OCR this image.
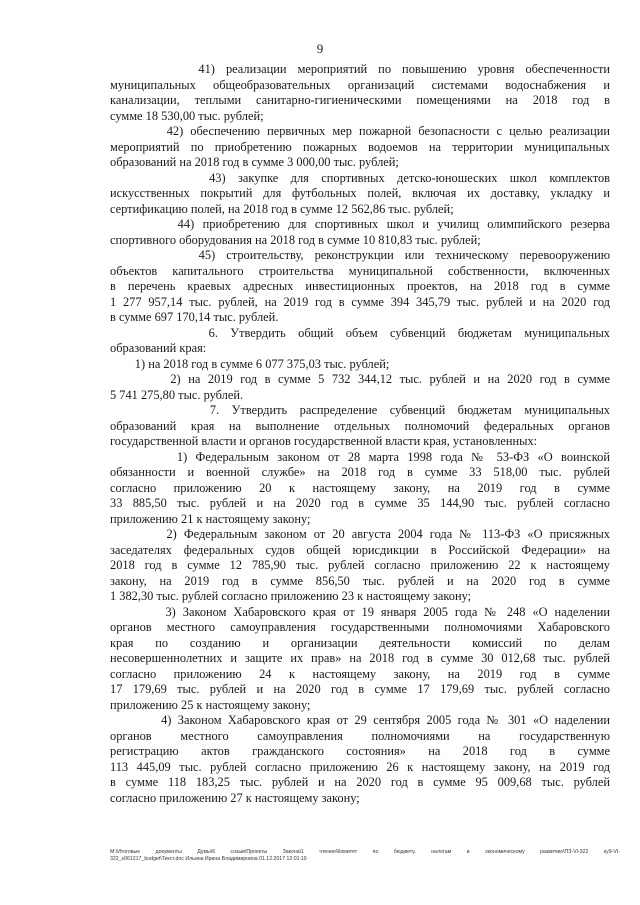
9

41) реализации мероприятий по повышению уровня обеспеченности
муниципальных общеобразовательных организаций системами водоснабжения и
канализации, теплыми санитарно-гигиеническими помещениями на 2018 год в
сумме 18 530,00 тыс. рублей;

42) обеспечению первичных мер пожарной безопасности с целью реализации
мероприятий по приобретению пожарных водоемов на территории муниципальных
образований на 2018 год в сумме 3 000,00 тыс. рублей;

43) закупке для спортивных детско-юношеских школ комплектов
искусственных покрытий для футбольных полей, включая их доставку, укладку и
сертификацию полей, на 2018 год в сумме 12 562,86 тыс. рублей;

44) приобретению для спортивных школ и училищ олимпийского резерва
спортивного оборудования на 2018 год в сумме 10 810,83 тыс. рублей;

45) строительству, реконструкции или техническому перевооружению
объектов капитального строительства муниципальной собственности, включенных
в перечень краевых адресных инвестиционных проектов, на 2018 год в сумме
1 277 957,14 тыс. рублей, на 2019 год в сумме 394 345,79 тыс. рублей и на 2020 год
в сумме 697 170,14 тыс. рублей.

6. Утвердить общий объем субвенций бюджетам муниципальных
образований края:

1) на 2018 год в сумме 6 077 375,03 тыс. рублей;

2) на 2019 год в сумме 5 732 344,12 тыс. рублей и на 2020 год в сумме
5 741 275,80 тыс. рублей.

7. Утвердить распределение субвенций бюджетам муниципальных
образований края на выполнение отдельных полномочий федеральных органов
государственной власти и органов государственной власти края, установленных:

1) Федеральным законом от 28 марта 1998 года № 53-ФЗ «О воинской
обязанности и военной службе» на 2018 год в сумме 33 518,00 тыс. рублей
согласно приложению 20 к настоящему закону, на 2019 год в сумме
33 885,50 тыс. рублей и на 2020 год в сумме 35 144,90 тыс. рублей согласно
приложению 21 к настоящему закону;

2) Федеральным законом от 20 августа 2004 года № 113-ФЗ «О присяжных
заседателях федеральных судов общей юрисдикции в Российской Федерации» на
2018 год в сумме 12 785,90 тыс. рублей согласно приложению 22 к настоящему
закону, на 2019 год в сумме 856,50 тыс. рублей и на 2020 год в сумме
1 382,30 тыс. рублей согласно приложению 23 к настоящему закону;

3) Законом Хабаровского края от 19 января 2005 года № 248 «О наделении
органов местного самоуправления государственными полномочиями Хабаровского
края по созданию и организации деятельности комиссий по делам
несовершеннолетних и защите их прав» на 2018 год в сумме 30 012,68 тыс. рублей
согласно приложению 24 к настоящему закону, на 2019 год в сумме
17 179,69 тыс. рублей и на 2020 год в сумме 17 179,69 тыс. рублей согласно
приложению 25 к настоящему закону;

4) Законом Хабаровского края от 29 сентября 2005 года № 301 «О наделении
органов местного самоуправления полномочиями на государственную
регистрацию актов гражданского состояния» на 2018 год в сумме
113 445,09 тыс. рублей согласно приложению 26 к настоящему закону, на 2019 год
в сумме 118 183,25 тыс. рублей и на 2020 год в сумме 95 009,68 тыс. рублей
согласно приложению 27 к настоящему закону;

M:\Итоговые документы Думы\6 созыв\Проекты Закона\1 чтение\Комитет по бюджету, налогам и экономическому развитию\ПЗ-VI-322 ку9-VI-
322_s061217_budget\Текст.doc Ильина Ирина Владимировна 01.12.2017 12:01:19
